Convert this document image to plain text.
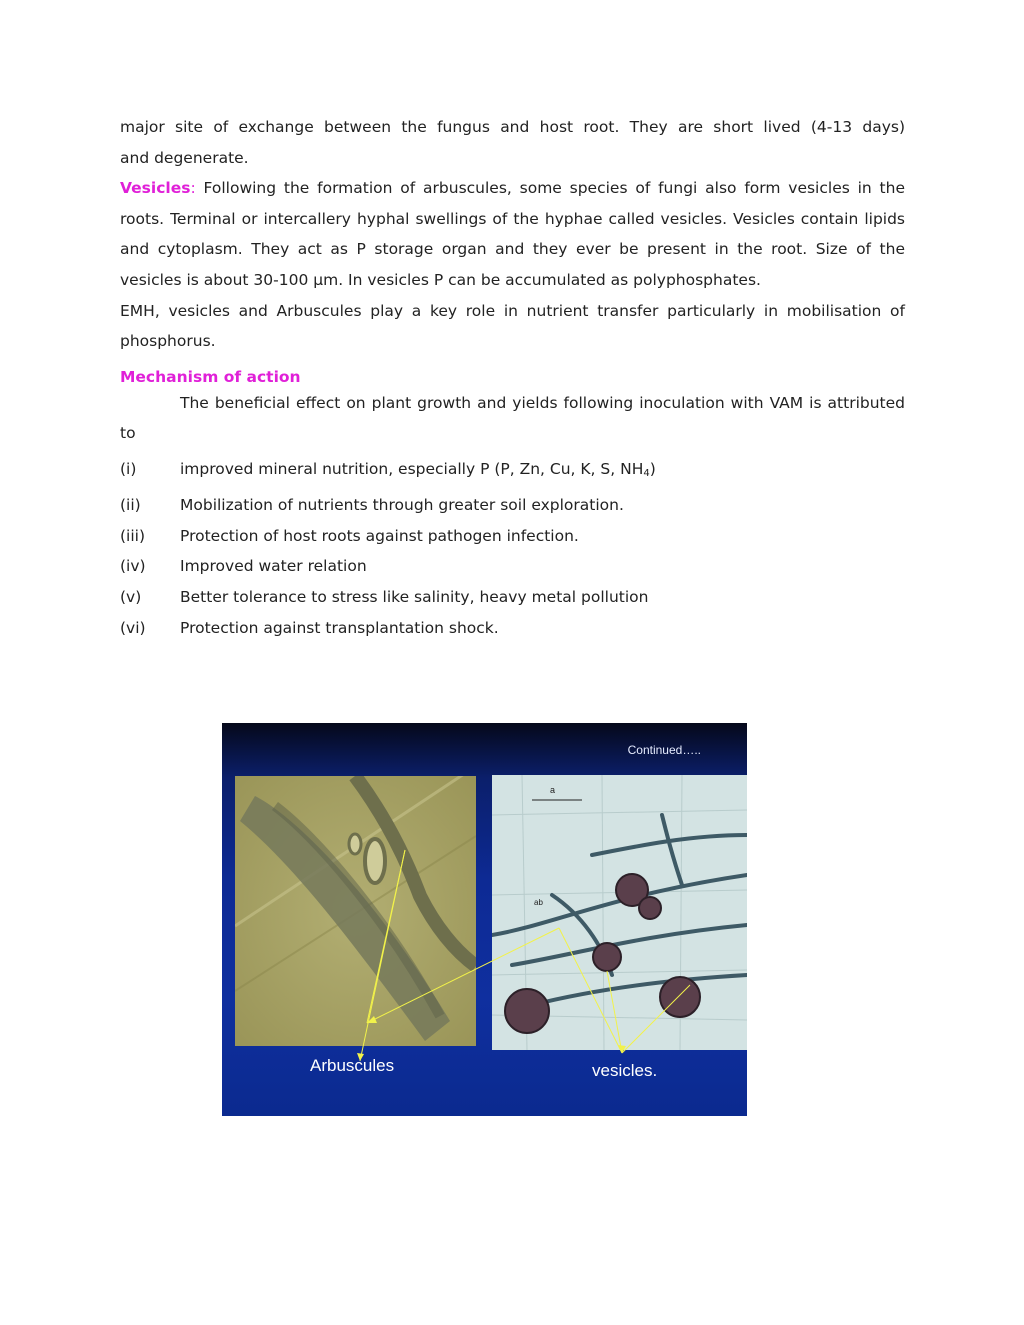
major site of exchange between the fungus and host root. They are short lived (4-13 days)

and degenerate.

Vesicles: Following the formation of arbuscules, some species of fungi also form vesicles in the roots. Terminal or intercallery hyphal swellings of the hyphae called vesicles. Vesicles contain lipids and cytoplasm. They act as P storage organ and they ever be present in the root. Size of the vesicles is about 30-100 µm. In vesicles P can be accumulated as polyphosphates.

EMH, vesicles and Arbuscules play a key role in nutrient transfer particularly in mobilisation of phosphorus.

Mechanism of action

The beneficial effect on plant growth and yields following inoculation with VAM is attributed to

(i)	improved mineral nutrition, especially P (P, Zn, Cu, K, S, $NH_4$)
(ii)	Mobilization of nutrients through greater soil exploration.
(iii)	Protection of host roots against pathogen infection.
(iv)	Improved water relation
(v)	Better tolerance to stress like salinity, heavy metal pollution
(vi)	Protection against transplantation shock.
Continued…..
a
ab
Arbuscules	vesicles.
